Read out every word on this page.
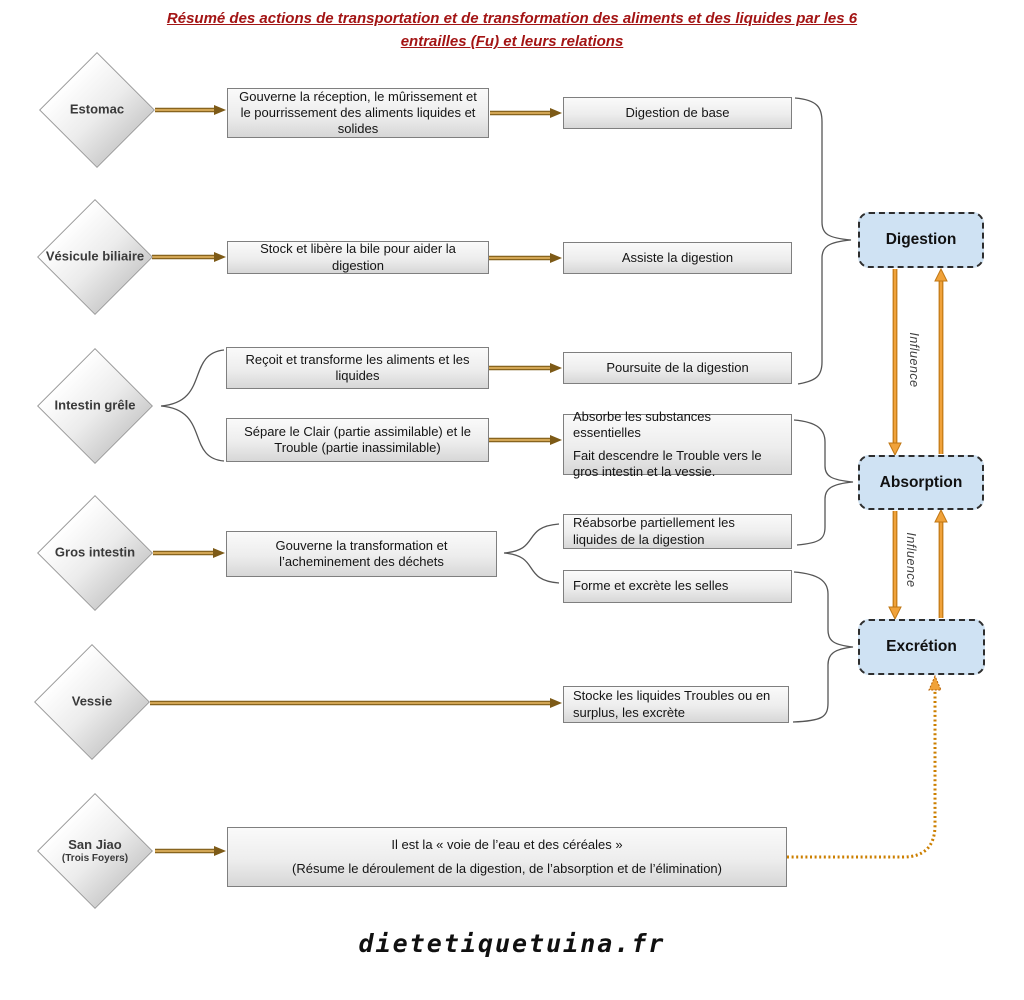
Résumé des actions de transportation et de transformation des aliments et des liquides par les 6
entrailles (Fu) et leurs relations
Estomac
Vésicule biliaire
Intestin grêle
Gros intestin
Vessie
San Jiao
(Trois Foyers)
Gouverne la réception, le mûrissement et le pourrissement des aliments liquides et solides
Stock et libère la bile pour aider la digestion
Reçoit et transforme les aliments et les liquides
Sépare le Clair (partie assimilable) et le Trouble (partie inassimilable)
Gouverne la transformation et l’acheminement des déchets
Il est la « voie de l’eau et des céréales »
(Résume le déroulement de la digestion, de l’absorption et de l’élimination)
Digestion de base
Assiste la digestion
Poursuite de la digestion
Absorbe les substances essentielles
Fait descendre le Trouble vers le gros intestin et la vessie.
Réabsorbe partiellement les liquides de la digestion
Forme et excrète les selles
Stocke les liquides Troubles ou en surplus, les excrète
Digestion
Absorption
Excrétion
Influence
Influence
dietetiquetuina.fr
